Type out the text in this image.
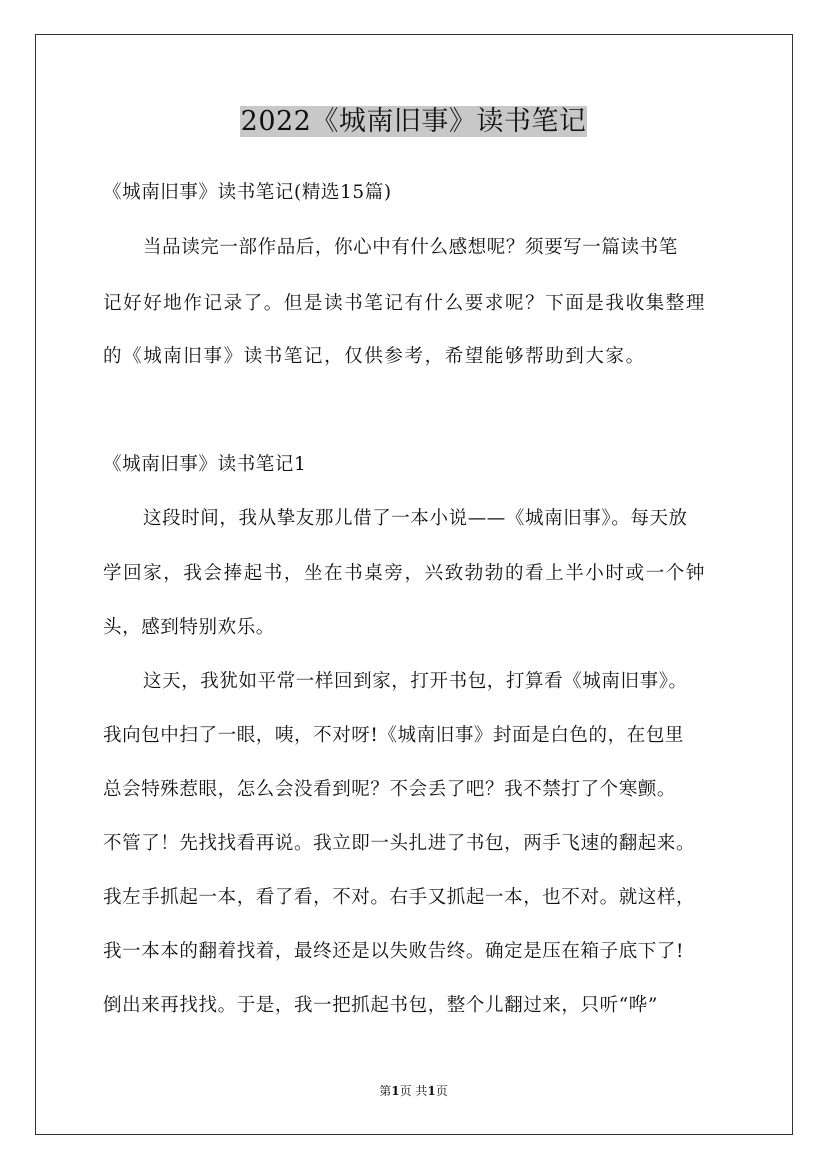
2022《城南旧事》读书笔记
《城南旧事》读书笔记(精选15篇)
当品读完一部作品后，你心中有什么感想呢？须要写一篇读书笔
记好好地作记录了。但是读书笔记有什么要求呢？下面是我收集整理
的《城南旧事》读书笔记，仅供参考，希望能够帮助到大家。
《城南旧事》读书笔记1
这段时间，我从挚友那儿借了一本小说——《城南旧事》。每天放
学回家，我会捧起书，坐在书桌旁，兴致勃勃的看上半小时或一个钟
头，感到特别欢乐。
这天，我犹如平常一样回到家，打开书包，打算看《城南旧事》。
我向包中扫了一眼，咦，不对呀!《城南旧事》封面是白色的，在包里
总会特殊惹眼，怎么会没看到呢？不会丢了吧？我不禁打了个寒颤。
不管了！先找找看再说。我立即一头扎进了书包，两手飞速的翻起来。
我左手抓起一本，看了看，不对。右手又抓起一本，也不对。就这样，
我一本本的翻着找着，最终还是以失败告终。确定是压在箱子底下了!
倒出来再找找。于是，我一把抓起书包，整个儿翻过来，只听“哗”
第1页 共1页
